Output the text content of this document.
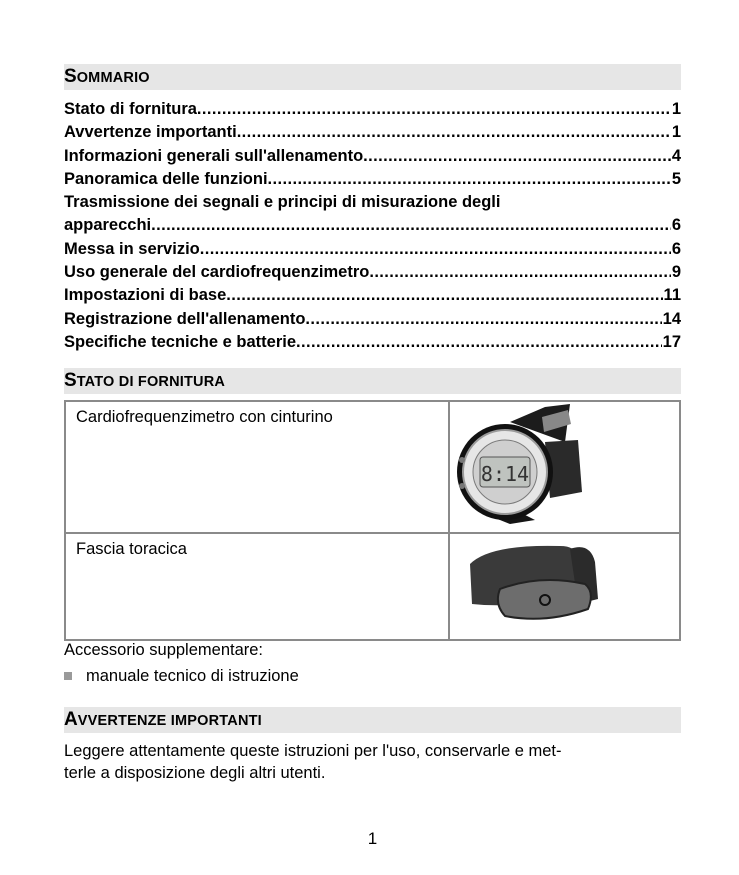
SOMMARIO
Stato di fornitura .....	1
Avvertenze importanti .....	1
Informazioni generali sull'allenamento .....	4
Panoramica delle funzioni .....	5
Trasmissione dei segnali e principi di misurazione degli
apparecchi .....	6
Messa in servizio .....	6
Uso generale del cardiofrequenzimetro .....	9
Impostazioni di base .....	11
Registrazione dell'allenamento .....	14
Specifiche tecniche e batterie .....	17
STATO DI FORNITURA
Cardiofrequenzimetro con cinturino	8:14

Fascia toracica	
Accessorio supplementare:
manuale tecnico di istruzione
AVVERTENZE IMPORTANTI
Leggere attentamente queste istruzioni per l'uso, conservarle e met-
terle a disposizione degli altri utenti.
1
